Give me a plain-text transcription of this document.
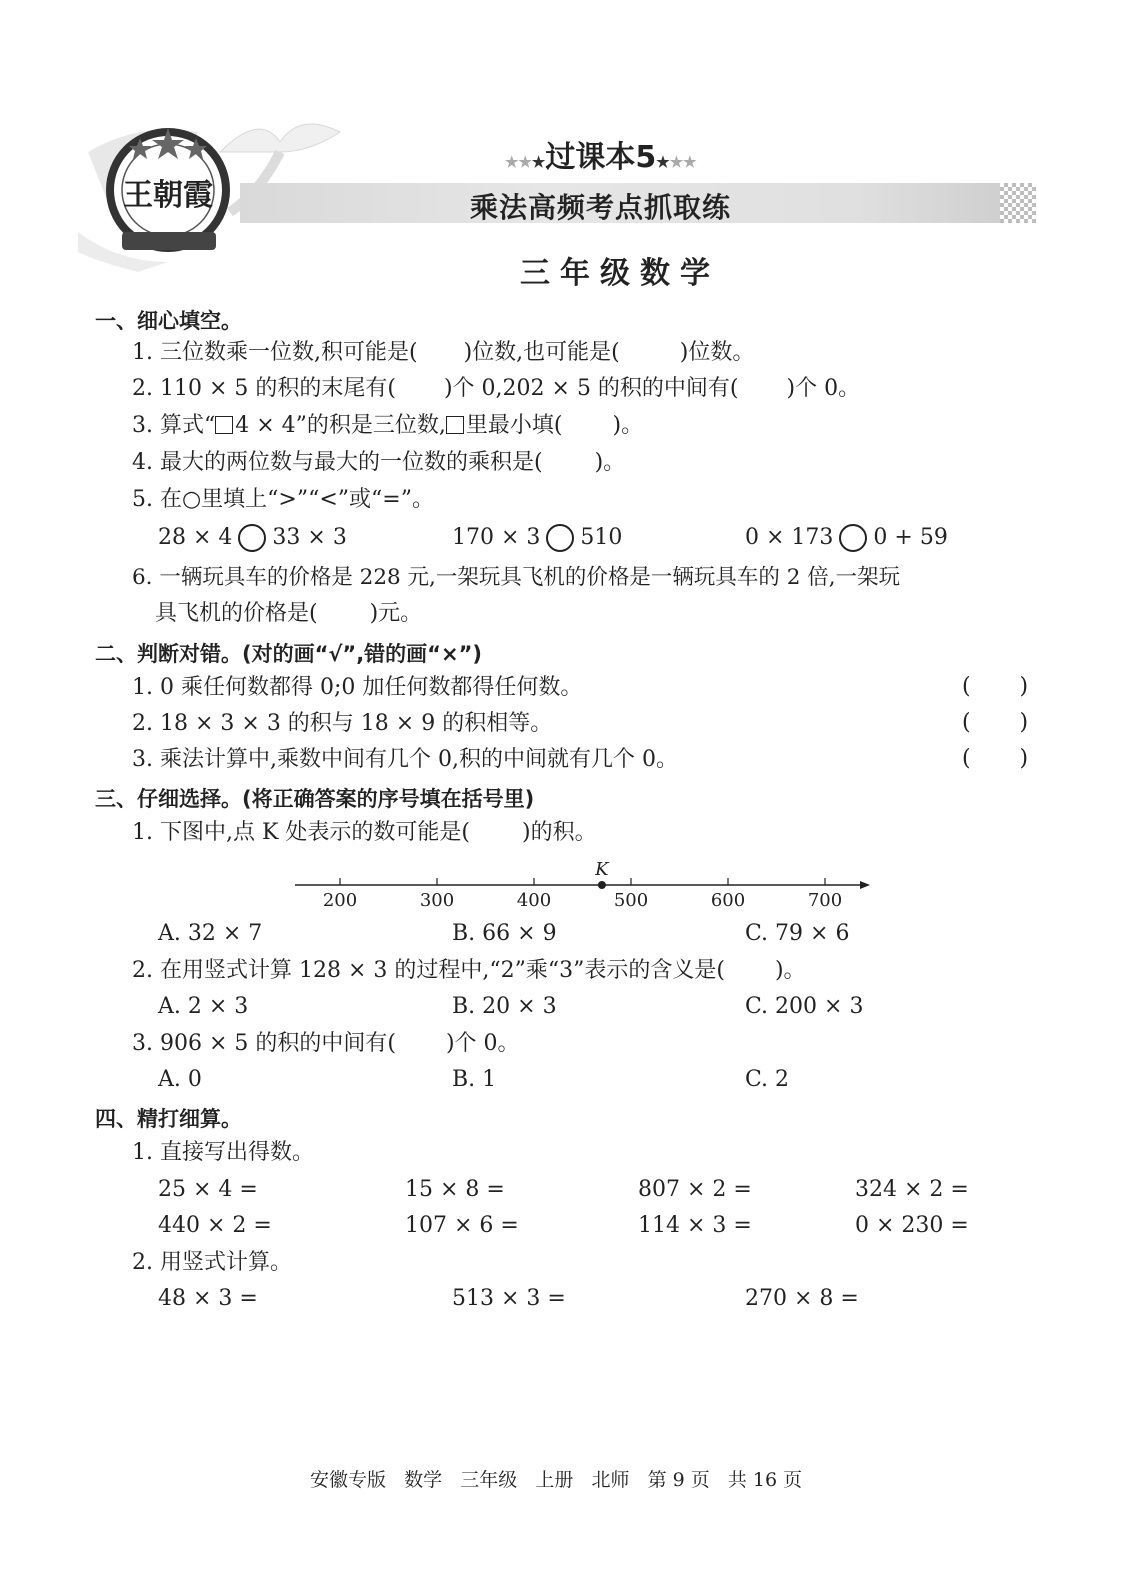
王朝霞
★★★过课本5★★★
乘法高频考点抓取练
三年级数学
一、细心填空。
1. 三位数乘一位数,积可能是( )位数,也可能是(	)位数。
2. 110 × 5 的积的末尾有( )个 0,202 × 5 的积的中间有( )个 0。
3. 算式“ 4 × 4”的积是三位数, 里最小填( )。
4. 最大的两位数与最大的一位数的乘积是( )。
5. 在○里填上“>”“<”或“=”。
28 × 4 33 × 3	170 × 3 510	0 × 173 0 + 59
6. 一辆玩具车的价格是 228 元,一架玩具飞机的价格是一辆玩具车的 2 倍,一架玩
具飞机的价格是( )元。
二、判断对错。(对的画“√”,错的画“×”)
1. 0 乘任何数都得 0;0 加任何数都得任何数。	(       )
2. 18 × 3 × 3 的积与 18 × 9 的积相等。	(       )
3. 乘法计算中,乘数中间有几个 0,积的中间就有几个 0。	(       )
三、仔细选择。(将正确答案的序号填在括号里)
1. 下图中,点 K 处表示的数可能是( )的积。
200	300	400	500	600	700
K
A. 32 × 7	B. 66 × 9	C. 79 × 6
2. 在用竖式计算 128 × 3 的过程中,“2”乘“3”表示的含义是( )。
A. 2 × 3	B. 20 × 3	C. 200 × 3
3. 906 × 5 的积的中间有( )个 0。
A. 0	B. 1	C. 2
四、精打细算。
1. 直接写出得数。
25 × 4 =	15 × 8 =	807 × 2 =	324 × 2 =
440 × 2 =	107 × 6 =	114 × 3 =	0 × 230 =
2. 用竖式计算。
48 × 3 =	513 × 3 =	270 × 8 =
安徽专版   数学   三年级   上册   北师   第 9 页   共 16 页
